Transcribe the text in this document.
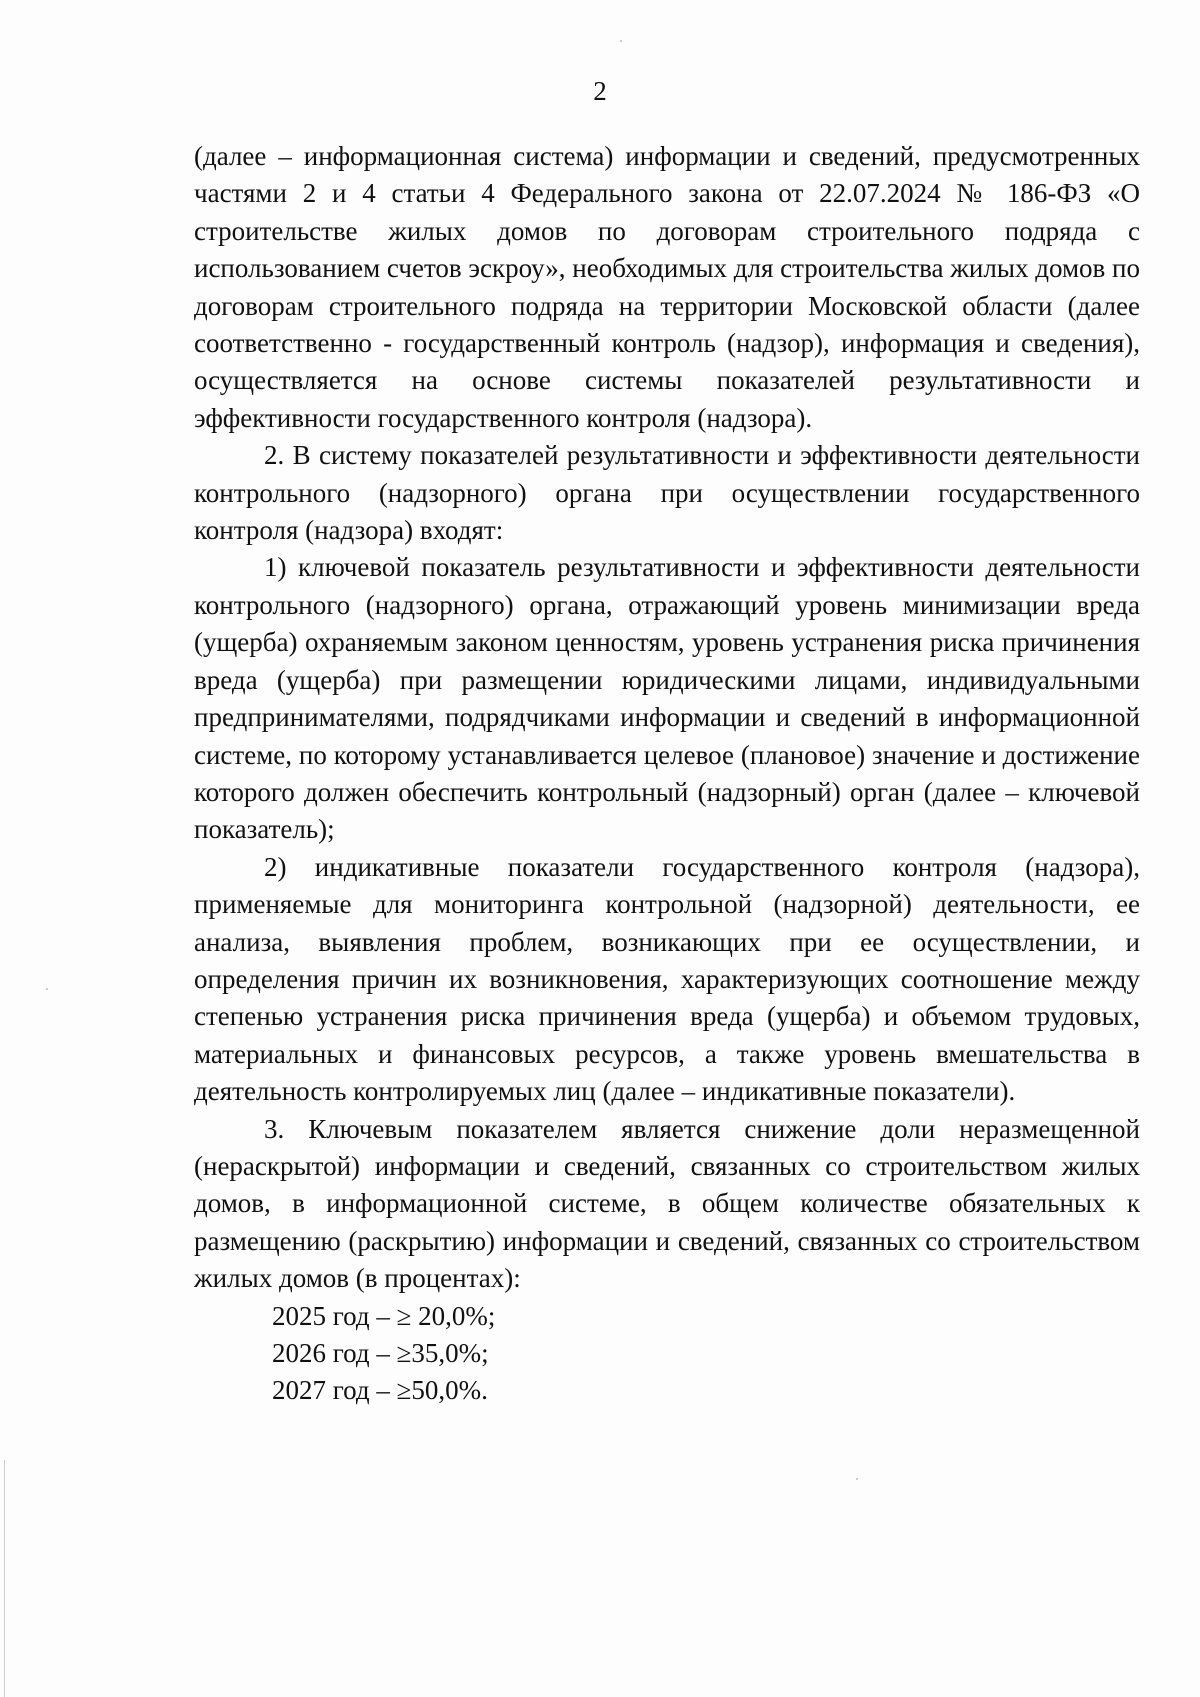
2

(далее – информационная система) информации и сведений, предусмотренных частями 2 и 4 статьи 4 Федерального закона от 22.07.2024 № 186-ФЗ «О строительстве жилых домов по договорам строительного подряда с использованием счетов эскроу», необходимых для строительства жилых домов по договорам строительного подряда на территории Московской области (далее соответственно - государственный контроль (надзор), информация и сведения), осуществляется на основе системы показателей результативности и эффективности государственного контроля (надзора).

2. В систему показателей результативности и эффективности деятельности контрольного (надзорного) органа при осуществлении государственного контроля (надзора) входят:

1) ключевой показатель результативности и эффективности деятельности контрольного (надзорного) органа, отражающий уровень минимизации вреда (ущерба) охраняемым законом ценностям, уровень устранения риска причинения вреда (ущерба) при размещении юридическими лицами, индивидуальными предпринимателями, подрядчиками информации и сведений в информационной системе, по которому устанавливается целевое (плановое) значение и достижение которого должен обеспечить контрольный (надзорный) орган (далее – ключевой показатель);

2) индикативные показатели государственного контроля (надзора), применяемые для мониторинга контрольной (надзорной) деятельности, ее анализа, выявления проблем, возникающих при ее осуществлении, и определения причин их возникновения, характеризующих соотношение между степенью устранения риска причинения вреда (ущерба) и объемом трудовых, материальных и финансовых ресурсов, а также уровень вмешательства в деятельность контролируемых лиц (далее – индикативные показатели).

3. Ключевым показателем является снижение доли неразмещенной (нераскрытой) информации и сведений, связанных со строительством жилых домов, в информационной системе, в общем количестве обязательных к размещению (раскрытию) информации и сведений, связанных со строительством жилых домов (в процентах):

2025 год – ≥ 20,0%;
2026 год – ≥35,0%;
2027 год – ≥50,0%.
